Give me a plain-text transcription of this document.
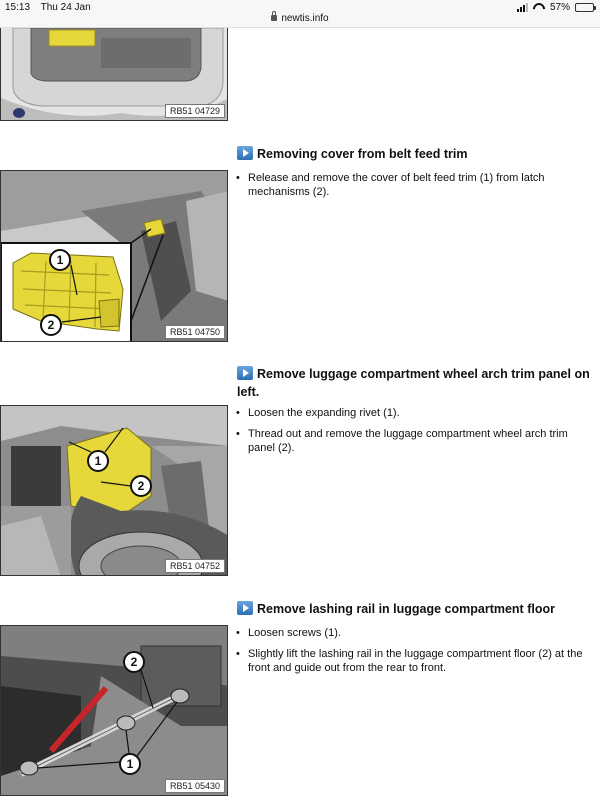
15:13 Thu 24 Jan
newtis.info
57%
RB51 04729
1
2	RB51 04750
Removing cover from belt feed trim
• Release and remove the cover of belt feed trim (1) from latch mechanisms (2).
1
2
RB51 04752
Remove luggage compartment wheel arch trim panel on left.
• Loosen the expanding rivet (1).
• Thread out and remove the luggage compartment wheel arch trim panel (2).
2
1
RB51 05430
Remove lashing rail in luggage compartment floor
• Loosen screws (1).
• Slightly lift the lashing rail in the luggage compartment floor (2) at the front and guide out from the rear to front.
